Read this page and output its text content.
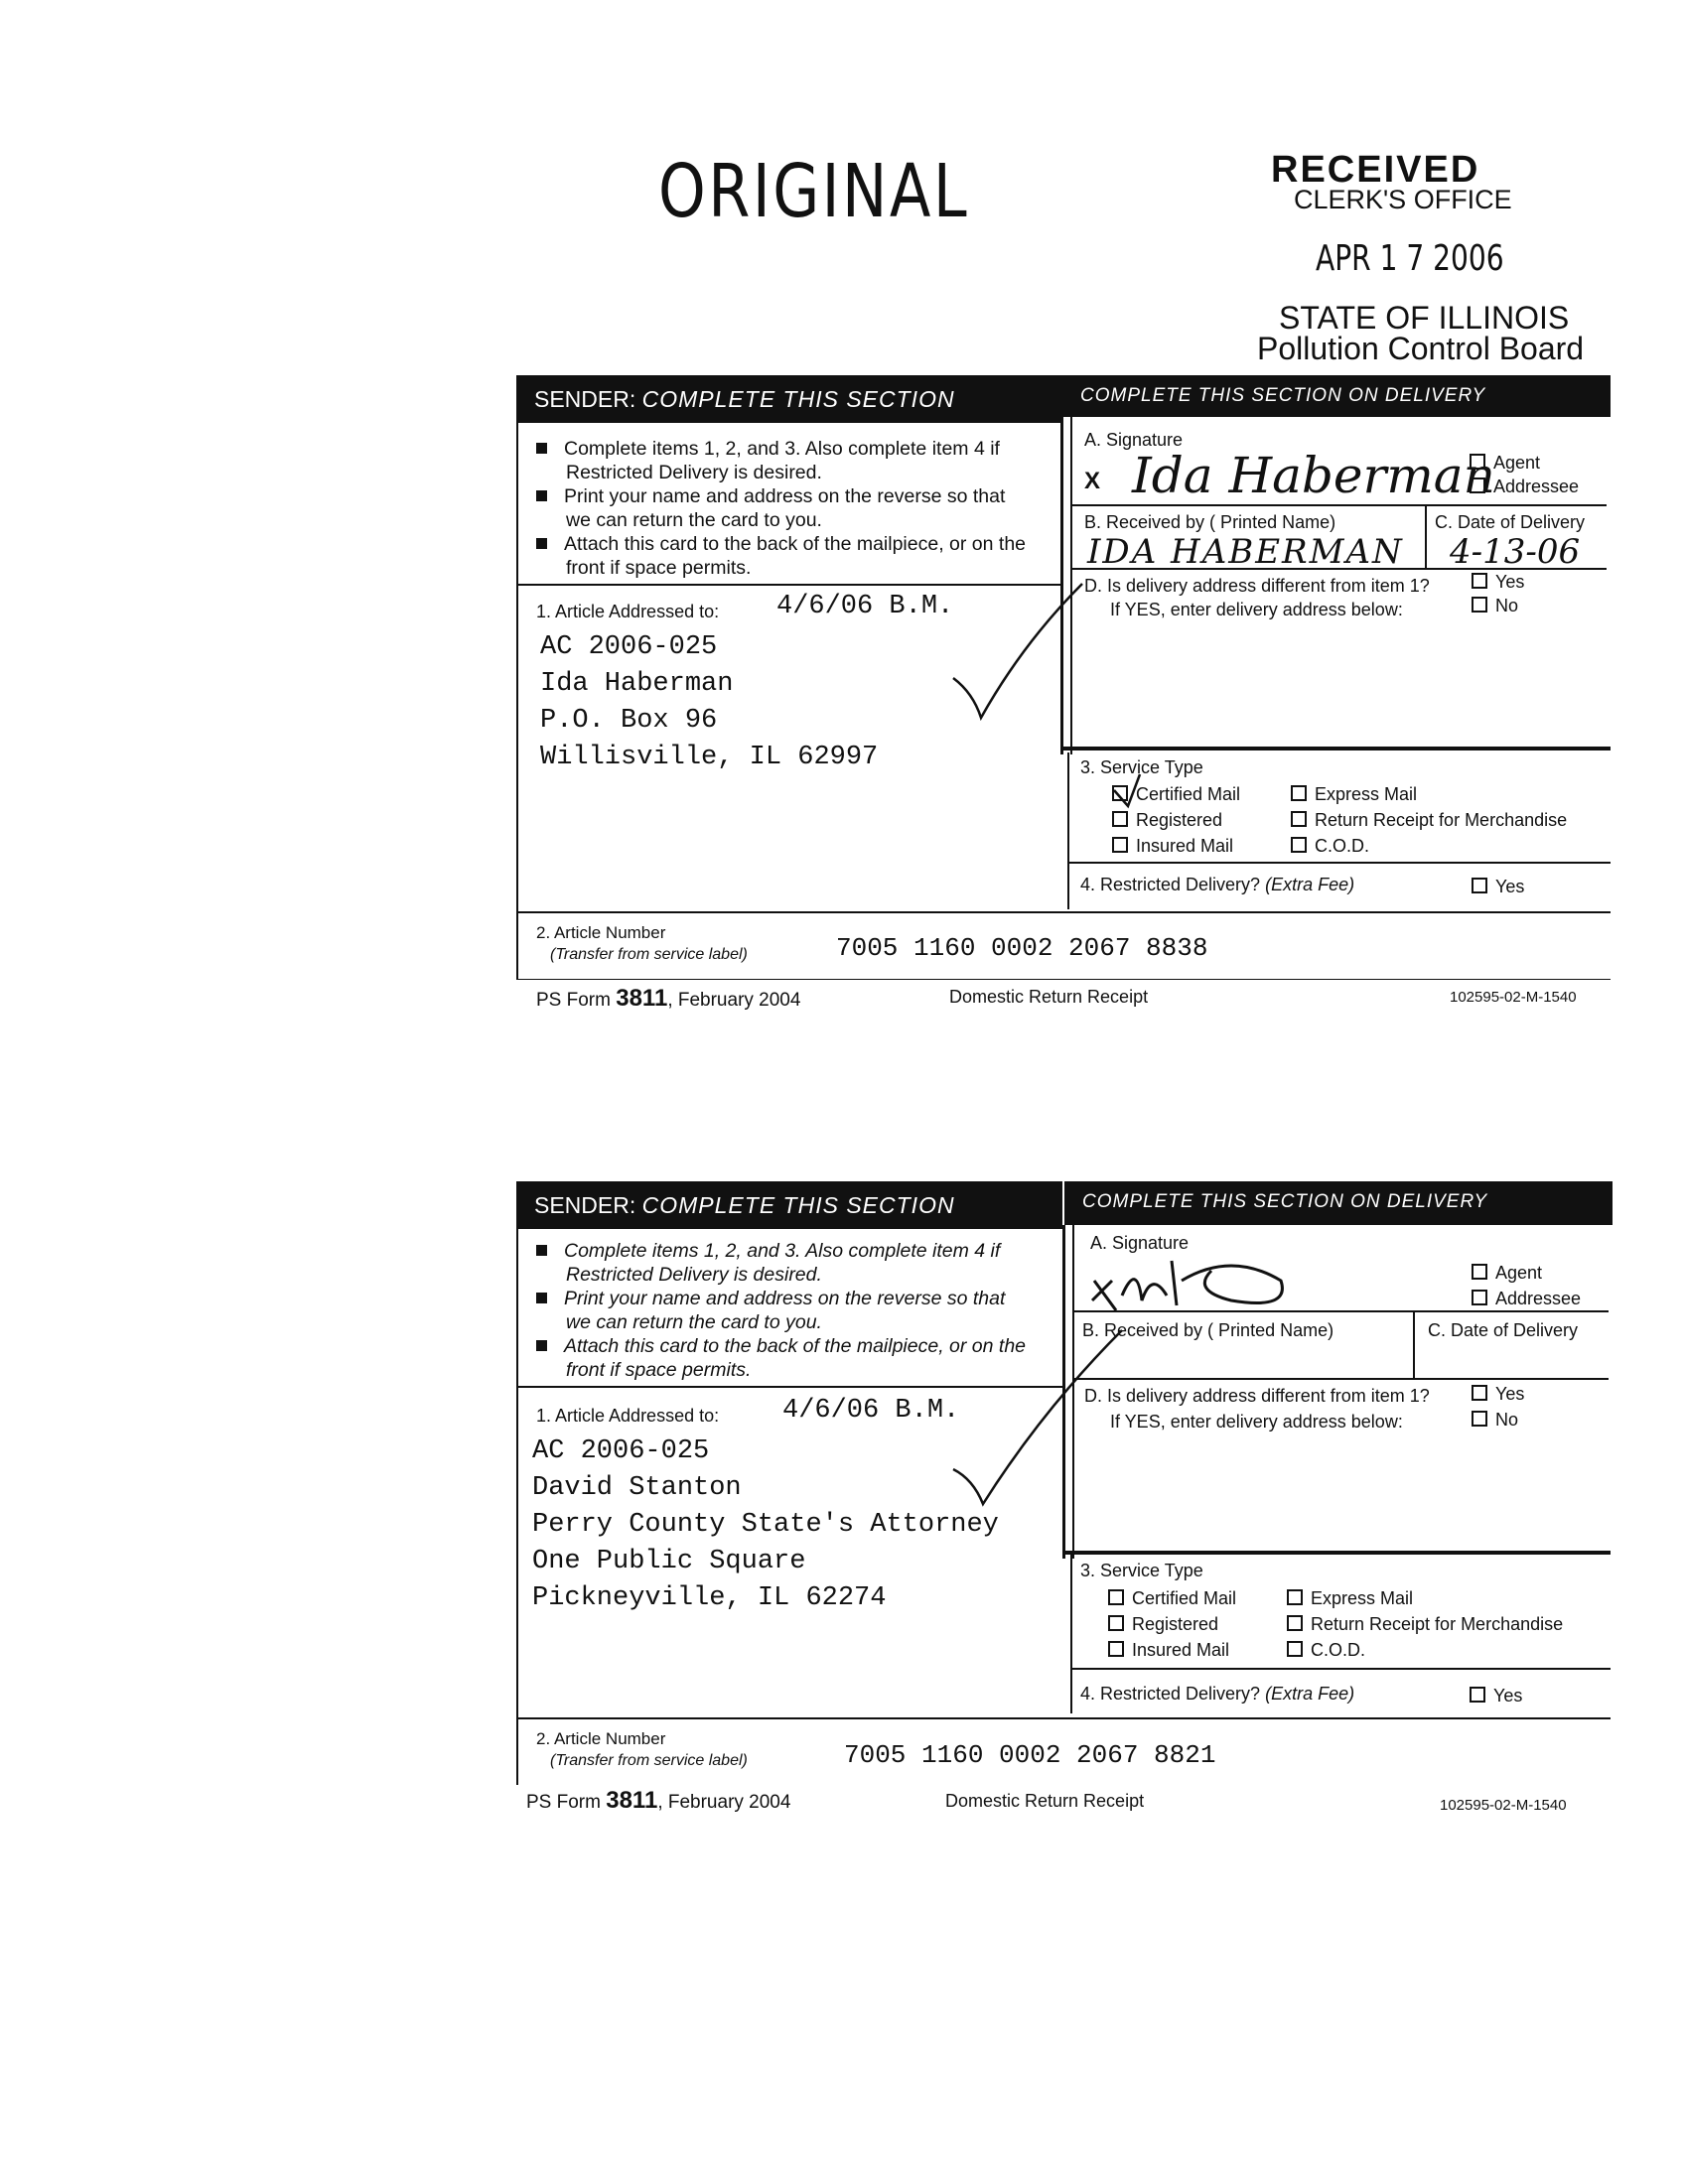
ORIGINAL	RECEIVED
CLERK'S OFFICE
APR 1 7 2006
STATE OF ILLINOIS
Pollution Control Board
SENDER: COMPLETE THIS SECTION	COMPLETE THIS SECTION ON DELIVERY
Complete items 1, 2, and 3. Also complete item 4 if Restricted Delivery is desired.
Print your name and address on the reverse so that we can return the card to you.
Attach this card to the back of the mailpiece, or on the front if space permits.
1. Article Addressed to: 4/6/06 B.M.
AC 2006-025
Ida Haberman
P.O. Box 96
Willisville, IL 62997
A. Signature
X Ida Haberman
Agent
Addressee
B. Received by ( Printed Name)
IDA HABERMAN
C. Date of Delivery
4-13-06
D. Is delivery address different from item 1?
If YES, enter delivery address below:
Yes
No
3. Service Type
Certified Mail	Express Mail
Registered	Return Receipt for Merchandise
Insured Mail	C.O.D.
4. Restricted Delivery? (Extra Fee)	Yes
2. Article Number
(Transfer from service label)	7005 1160 0002 2067 8838
PS Form 3811, February 2004	Domestic Return Receipt	102595-02-M-1540
SENDER: COMPLETE THIS SECTION	COMPLETE THIS SECTION ON DELIVERY
Complete items 1, 2, and 3. Also complete item 4 if Restricted Delivery is desired.
Print your name and address on the reverse so that we can return the card to you.
Attach this card to the back of the mailpiece, or on the front if space permits.
1. Article Addressed to: 4/6/06 B.M.
AC 2006-025
David Stanton
Perry County State's Attorney
One Public Square
Pickneyville, IL 62274
A. Signature
Agent
Addressee
B. Received by ( Printed Name)	C. Date of Delivery
D. Is delivery address different from item 1?
If YES, enter delivery address below:
Yes
No
3. Service Type
Certified Mail	Express Mail
Registered	Return Receipt for Merchandise
Insured Mail	C.O.D.
4. Restricted Delivery? (Extra Fee)	Yes
2. Article Number
(Transfer from service label)	7005 1160 0002 2067 8821
PS Form 3811, February 2004	Domestic Return Receipt	102595-02-M-1540
